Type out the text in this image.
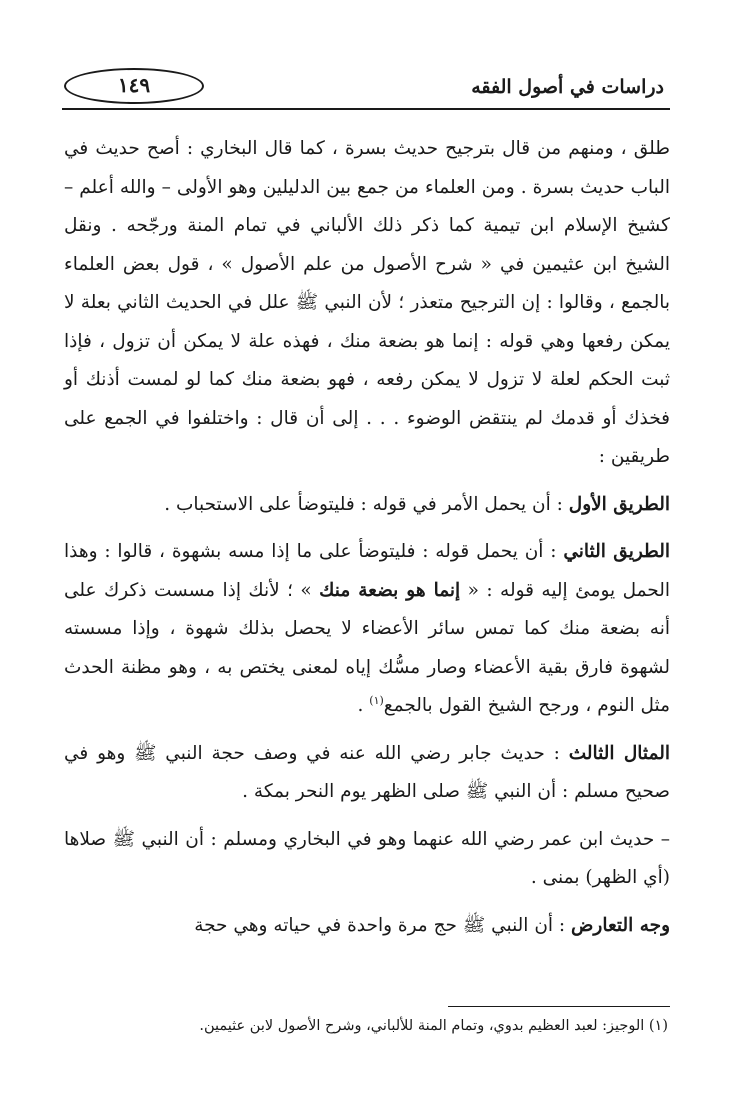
دراسات في أصول الفقه
١٤٩

طلق ، ومنهم من قال بترجيح حديث بسرة ، كما قال البخاري : أصح حديث في الباب حديث بسرة . ومن العلماء من جمع بين الدليلين وهو الأولى – والله أعلم – كشيخ الإسلام ابن تيمية كما ذكر ذلك الألباني في تمام المنة ورجّحه . ونقل الشيخ ابن عثيمين في « شرح الأصول من علم الأصول » ، قول بعض العلماء بالجمع ، وقالوا : إن الترجيح متعذر ؛ لأن النبي ﷺ علل في الحديث الثاني بعلة لا يمكن رفعها وهي قوله : إنما هو بضعة منك ، فهذه علة لا يمكن أن تزول ، فإذا ثبت الحكم لعلة لا تزول لا يمكن رفعه ، فهو بضعة منك كما لو لمست أذنك أو فخذك أو قدمك لم ينتقض الوضوء . . . إلى أن قال : واختلفوا في الجمع على طريقين :

الطريق الأول : أن يحمل الأمر في قوله : فليتوضأ على الاستحباب .

الطريق الثاني : أن يحمل قوله : فليتوضأ على ما إذا مسه بشهوة ، قالوا : وهذا الحمل يومئ إليه قوله : « إنما هو بضعة منك » ؛ لأنك إذا مسست ذكرك على أنه بضعة منك كما تمس سائر الأعضاء لا يحصل بذلك شهوة ، وإذا مسسته لشهوة فارق بقية الأعضاء وصار مسُّك إياه لمعنى يختص به ، وهو مظنة الحدث مثل النوم ، ورجح الشيخ القول بالجمع$^{(١)}$ .

المثال الثالث : حديث جابر رضي الله عنه في وصف حجة النبي ﷺ وهو في صحيح مسلم : أن النبي ﷺ صلى الظهر يوم النحر بمكة .

– حديث ابن عمر رضي الله عنهما وهو في البخاري ومسلم : أن النبي ﷺ صلاها (أي الظهر) بمنى .

وجه التعارض : أن النبي ﷺ حج مرة واحدة في حياته وهي حجة

(١) الوجيز: لعبد العظيم بدوي، وتمام المنة للألباني، وشرح الأصول لابن عثيمين.
